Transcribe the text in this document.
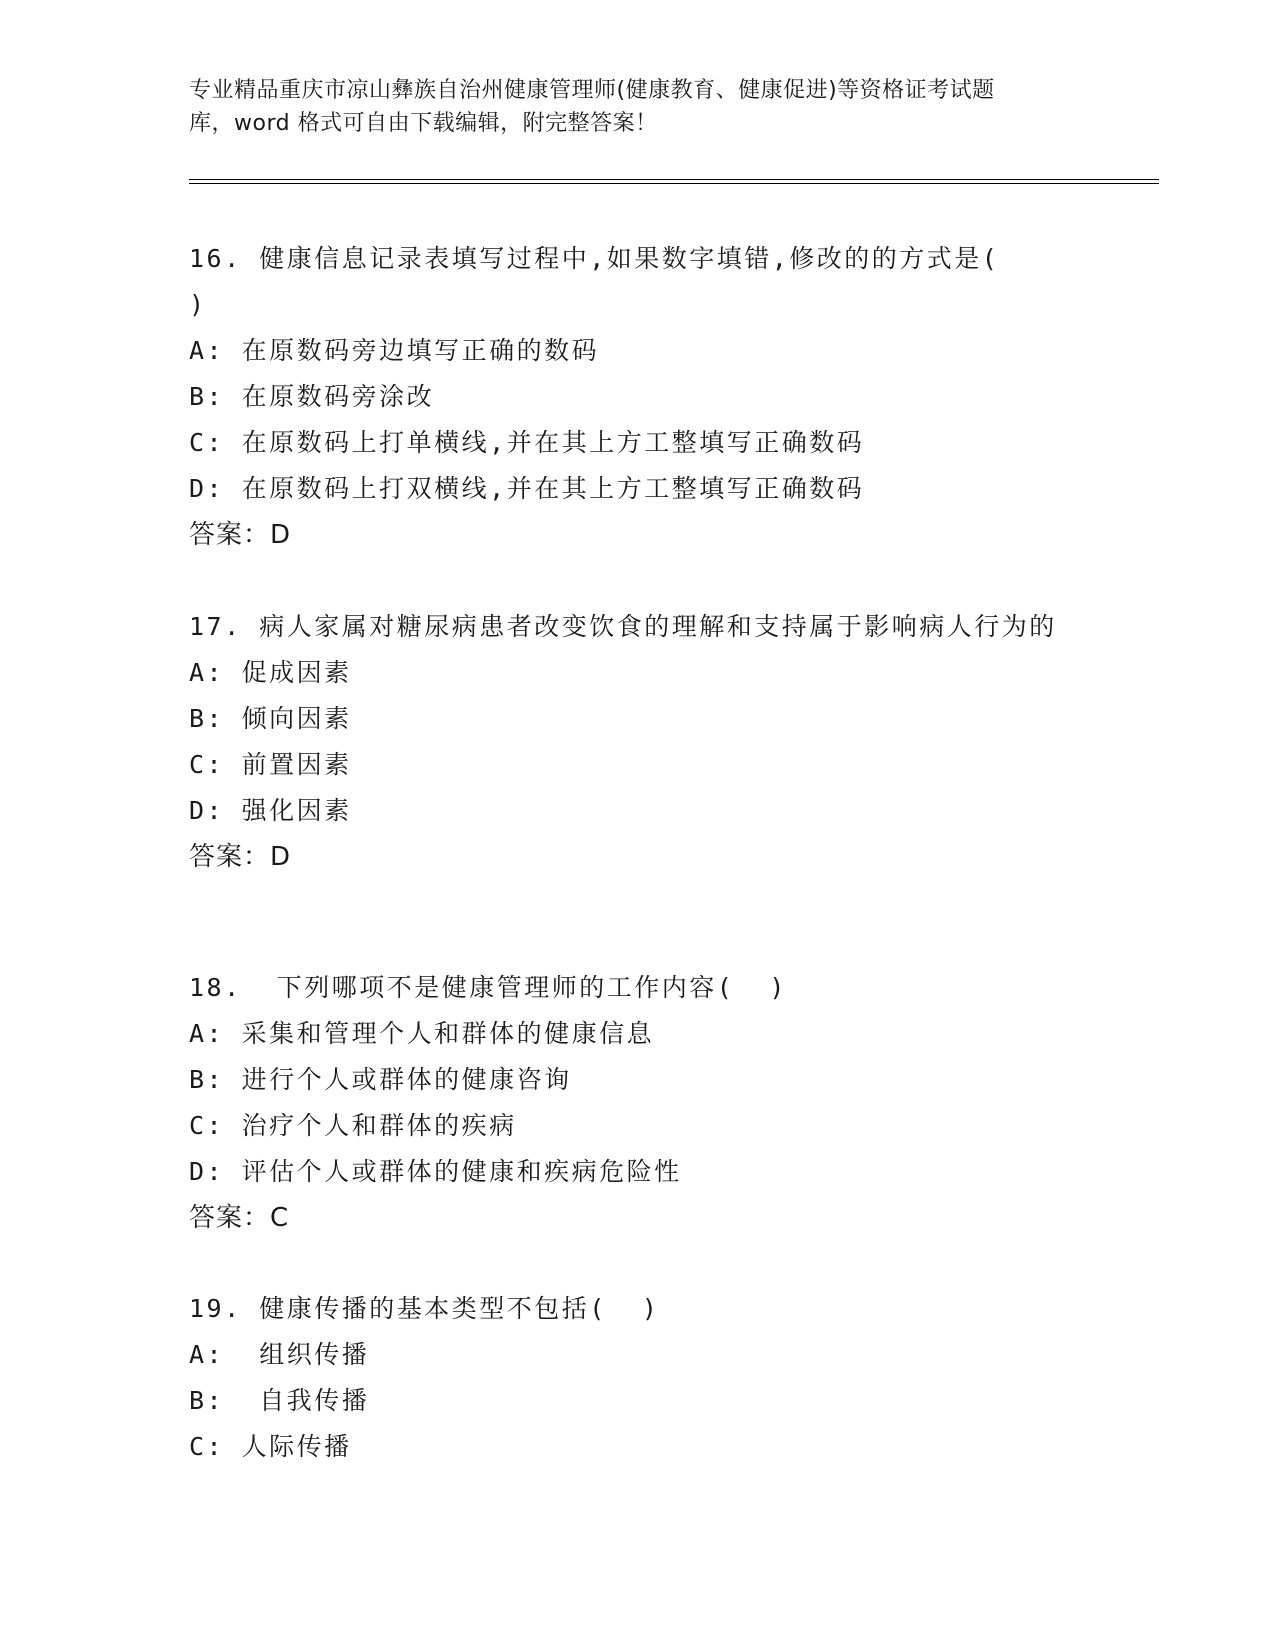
专业精品重庆市凉山彝族自治州健康管理师(健康教育、健康促进)等资格证考试题
库，word 格式可自由下载编辑，附完整答案！
16. 健康信息记录表填写过程中,如果数字填错,修改的的方式是(
)
A: 在原数码旁边填写正确的数码
B: 在原数码旁涂改
C: 在原数码上打单横线,并在其上方工整填写正确数码
D: 在原数码上打双横线,并在其上方工整填写正确数码
答案：D
17. 病人家属对糖尿病患者改变饮食的理解和支持属于影响病人行为的
A: 促成因素
B: 倾向因素
C: 前置因素
D: 强化因素
答案：D
18.  下列哪项不是健康管理师的工作内容(  )
A: 采集和管理个人和群体的健康信息
B: 进行个人或群体的健康咨询
C: 治疗个人和群体的疾病
D: 评估个人或群体的健康和疾病危险性
答案：C
19. 健康传播的基本类型不包括(  )
A:  组织传播
B:  自我传播
C: 人际传播
